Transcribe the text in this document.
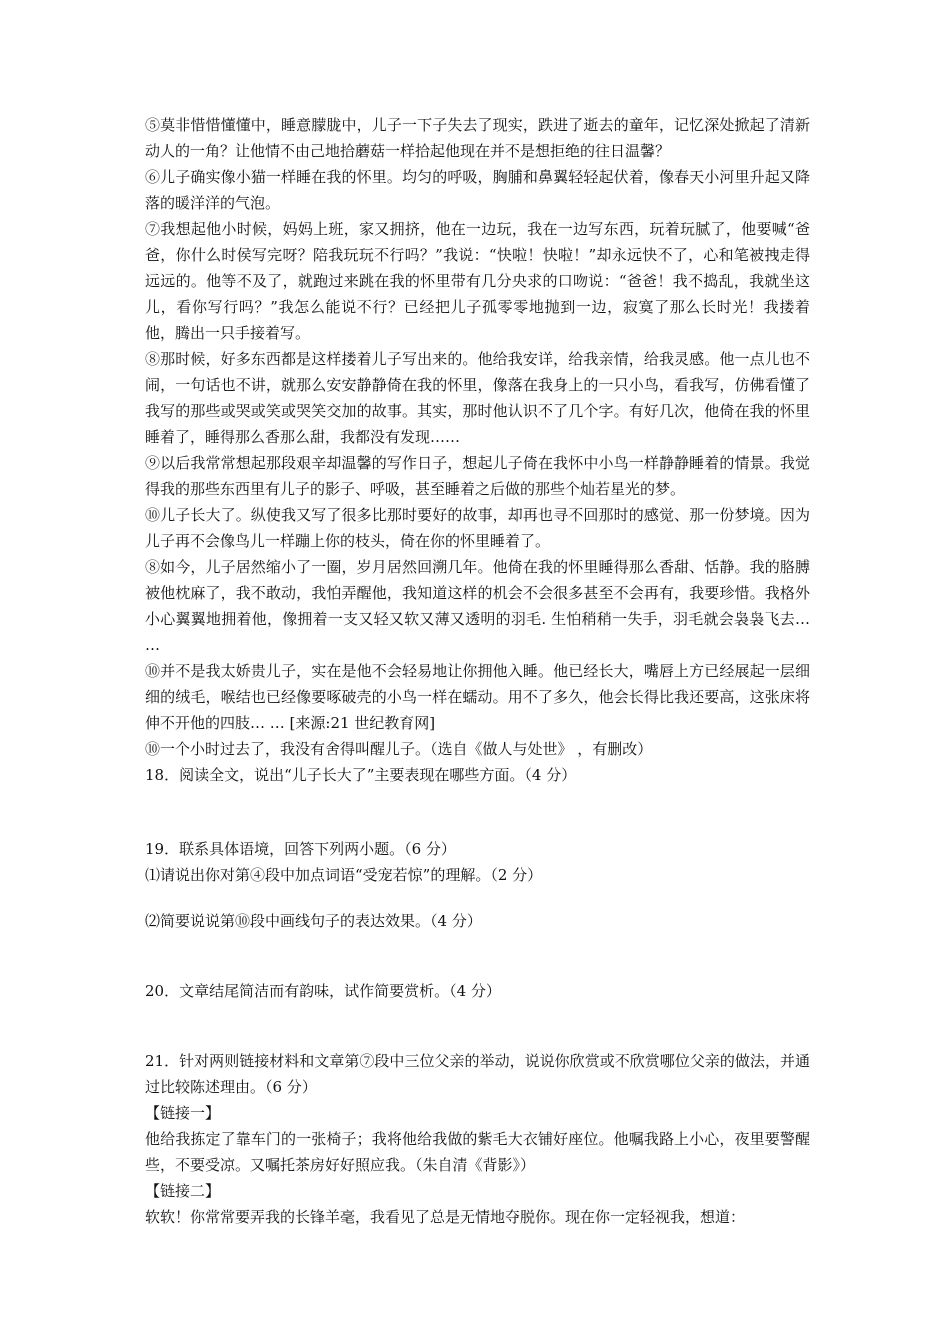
⑤莫非惜惜懂懂中，睡意朦胧中，儿子一下子失去了现实，跌进了逝去的童年，记忆深处掀起了清新动人的一角？让他情不由己地拾蘑菇一样拾起他现在并不是想拒绝的往日温馨？

⑥儿子确实像小猫一样睡在我的怀里。均匀的呼吸，胸脯和鼻翼轻轻起伏着，像春天小河里升起又降落的暖洋洋的气泡。

⑦我想起他小时候，妈妈上班，家又拥挤，他在一边玩，我在一边写东西，玩着玩腻了，他要喊“爸爸，你什么时侯写完呀？陪我玩玩不行吗？”我说：“快啦！快啦！”却永远快不了，心和笔被拽走得远远的。他等不及了，就跑过来跳在我的怀里带有几分央求的口吻说：“爸爸！我不捣乱，我就坐这儿，看你写行吗？”我怎么能说不行？已经把儿子孤零零地抛到一边，寂寞了那么长时光！我搂着他，腾出一只手接着写。

⑧那时候，好多东西都是这样搂着儿子写出来的。他给我安详，给我亲情，给我灵感。他一点儿也不闹，一句话也不讲，就那么安安静静倚在我的怀里，像落在我身上的一只小鸟，看我写，仿佛看懂了我写的那些或哭或笑或哭笑交加的故事。其实，那时他认识不了几个字。有好几次，他倚在我的怀里睡着了，睡得那么香那么甜，我都没有发现……

⑨以后我常常想起那段艰辛却温馨的写作日子，想起儿子倚在我怀中小鸟一样静静睡着的情景。我觉得我的那些东西里有儿子的影子、呼吸，甚至睡着之后做的那些个灿若星光的梦。

⑩儿子长大了。纵使我又写了很多比那时要好的故事，却再也寻不回那时的感觉、那一份梦境。因为儿子再不会像鸟儿一样蹦上你的枝头，倚在你的怀里睡着了。

⑧如今，儿子居然缩小了一圈，岁月居然回溯几年。他倚在我的怀里睡得那么香甜、恬静。我的胳膊被他枕麻了，我不敢动，我怕弄醒他，我知道这样的机会不会很多甚至不会再有，我要珍惜。我格外小心翼翼地拥着他，像拥着一支又轻又软又薄又透明的羽毛. 生怕稍稍一失手，羽毛就会袅袅飞去… …

⑩并不是我太娇贵儿子，实在是他不会轻易地让你拥他入睡。他已经长大，嘴唇上方已经展起一层细细的绒毛，喉结也已经像要啄破壳的小鸟一样在蠕动。用不了多久，他会长得比我还要高，这张床将伸不开他的四肢… … [来源:21 世纪教育网]

⑩一个小时过去了，我没有舍得叫醒儿子。（选自《做人与处世》 ，有删改）

18．阅读全文，说出“儿子长大了”主要表现在哪些方面。（4 分）

19．联系具体语境，回答下列两小题。（6 分）

⑴请说出你对第④段中加点词语“受宠若惊”的理解。（2 分）

⑵简要说说第⑩段中画线句子的表达效果。（4 分）

20．文章结尾简洁而有韵味，试作简要赏析。（4 分）

21．针对两则链接材料和文章第⑦段中三位父亲的举动，说说你欣赏或不欣赏哪位父亲的做法，并通过比较陈述理由。（6 分）

【链接一】

他给我拣定了靠车门的一张椅子；我将他给我做的紫毛大衣铺好座位。他嘱我路上小心，夜里要警醒些，不要受凉。又嘱托茶房好好照应我。（朱自清《背影》）

【链接二】

软软！你常常要弄我的长锋羊毫，我看见了总是无情地夺脱你。现在你一定轻视我，想道：
